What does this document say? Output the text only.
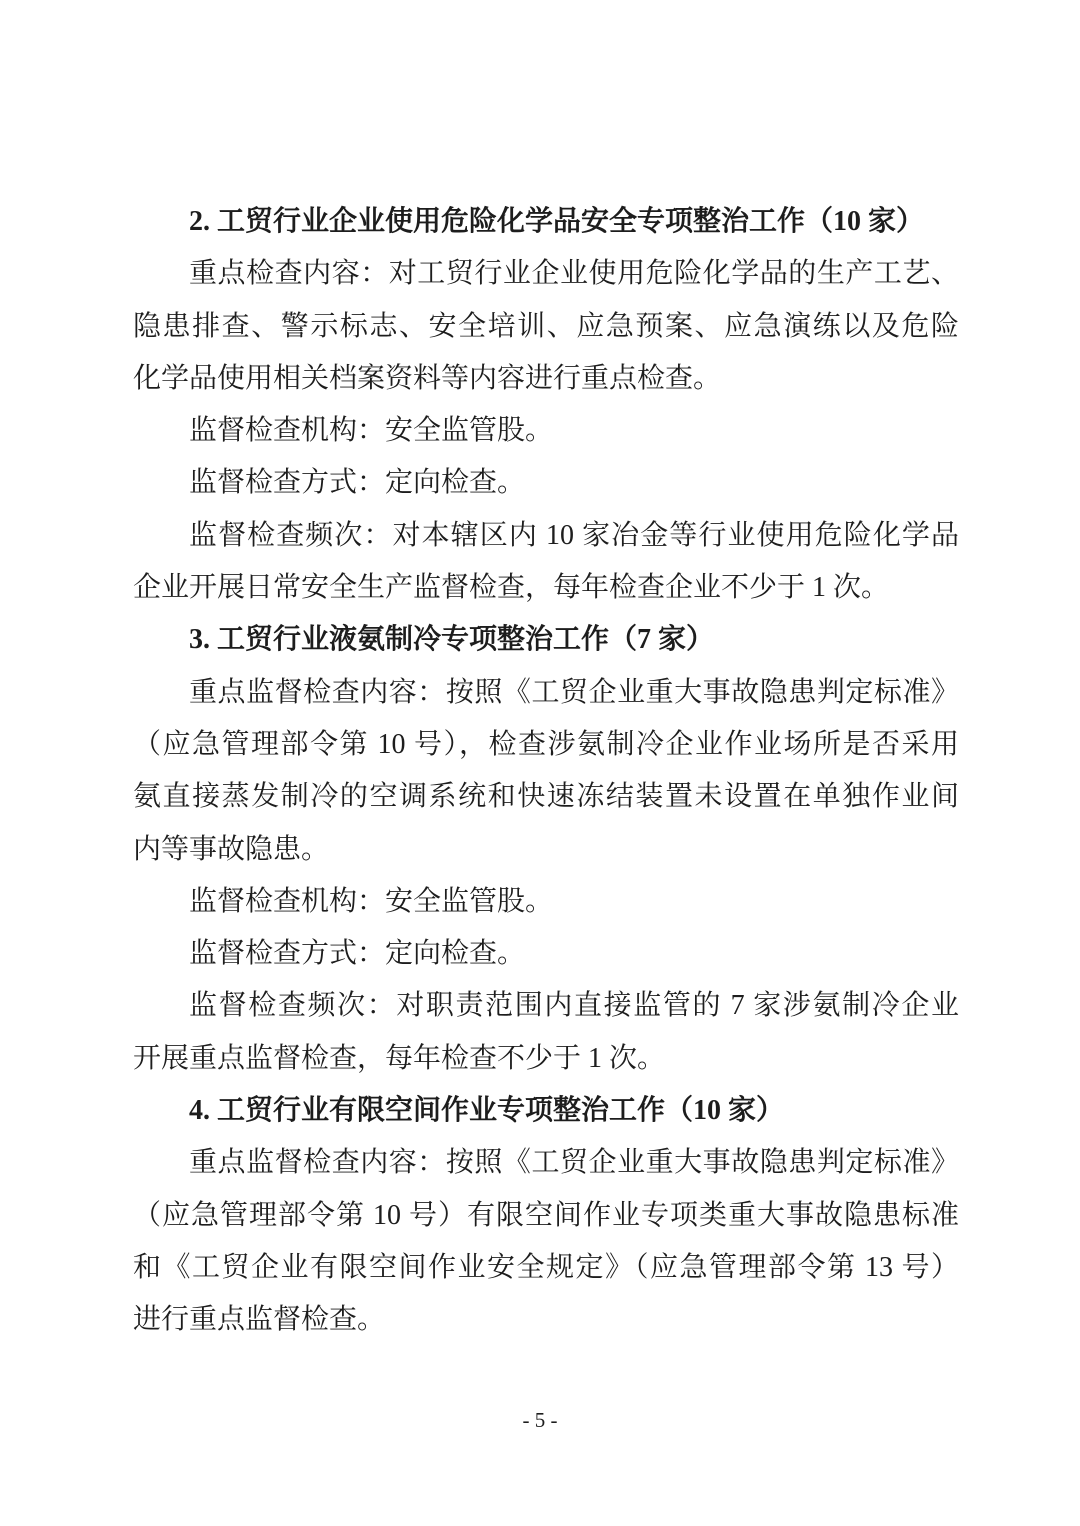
2. 工贸行业企业使用危险化学品安全专项整治工作（10 家）
重点检查内容：对工贸行业企业使用危险化学品的生产工艺、
隐患排查、警示标志、安全培训、应急预案、应急演练以及危险
化学品使用相关档案资料等内容进行重点检查。
监督检查机构：安全监管股。
监督检查方式：定向检查。
监督检查频次：对本辖区内 10 家冶金等行业使用危险化学品
企业开展日常安全生产监督检查，每年检查企业不少于 1 次。
3. 工贸行业液氨制冷专项整治工作（7 家）
重点监督检查内容：按照《工贸企业重大事故隐患判定标准》
（应急管理部令第 10 号），检查涉氨制冷企业作业场所是否采用
氨直接蒸发制冷的空调系统和快速冻结装置未设置在单独作业间
内等事故隐患。
监督检查机构：安全监管股。
监督检查方式：定向检查。
监督检查频次：对职责范围内直接监管的 7 家涉氨制冷企业
开展重点监督检查，每年检查不少于 1 次。
4. 工贸行业有限空间作业专项整治工作（10 家）
重点监督检查内容：按照《工贸企业重大事故隐患判定标准》
（应急管理部令第 10 号）有限空间作业专项类重大事故隐患标准
和《工贸企业有限空间作业安全规定》（应急管理部令第 13 号）
进行重点监督检查。
- 5 -
